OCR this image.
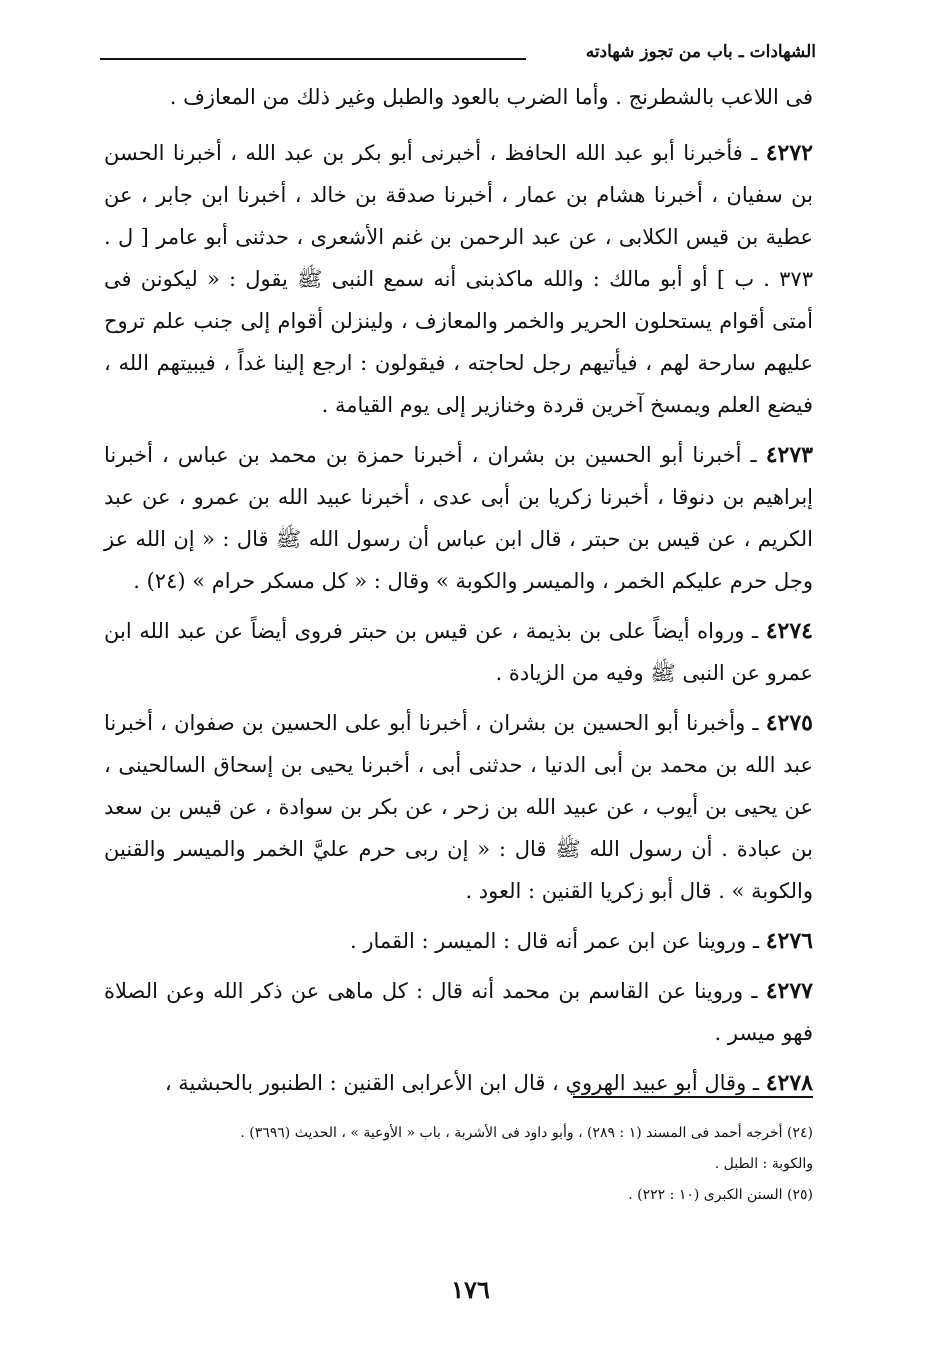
الشهادات ـ باب من تجوز شهادته

فى اللاعب بالشطرنج . وأما الضرب بالعود والطبل وغير ذلك من المعازف .

٤٢٧٢ ـ فأخبرنا أبو عبد الله الحافظ ، أخبرنى أبو بكر بن عبد الله ، أخبرنا الحسن بن سفيان ، أخبرنا هشام بن عمار ، أخبرنا صدقة بن خالد ، أخبرنا ابن جابر ، عن عطية بن قيس الكلابى ، عن عبد الرحمن بن غنم الأشعرى ، حدثنى أبو عامر [ ل . ٣٧٣ . ب ] أو أبو مالك : والله ماكذبنى أنه سمع النبى ﷺ يقول : « ليكونن فى أمتى أقوام يستحلون الحرير والخمر والمعازف ، ولينزلن أقوام إلى جنب علم تروح عليهم سارحة لهم ، فيأتيهم رجل لحاجته ، فيقولون : ارجع إلينا غداً ، فيبيتهم الله ، فيضع العلم ويمسخ آخرين قردة وخنازير إلى يوم القيامة .

٤٢٧٣ ـ أخبرنا أبو الحسين بن بشران ، أخبرنا حمزة بن محمد بن عباس ، أخبرنا إبراهيم بن دنوقا ، أخبرنا زكريا بن أبى عدى ، أخبرنا عبيد الله بن عمرو ، عن عبد الكريم ، عن قيس بن حبتر ، قال ابن عباس أن رسول الله ﷺ قال : « إن الله عز وجل حرم عليكم الخمر ، والميسر والكوبة » وقال : « كل مسكر حرام » (٢٤) .

٤٢٧٤ ـ ورواه أيضاً على بن بذيمة ، عن قيس بن حبتر فروى أيضاً عن عبد الله ابن عمرو عن النبى ﷺ وفيه من الزيادة .

٤٢٧٥ ـ وأخبرنا أبو الحسين بن بشران ، أخبرنا أبو على الحسين بن صفوان ، أخبرنا عبد الله بن محمد بن أبى الدنيا ، حدثنى أبى ، أخبرنا يحيى بن إسحاق السالحينى ، عن يحيى بن أيوب ، عن عبيد الله بن زحر ، عن بكر بن سوادة ، عن قيس بن سعد بن عبادة . أن رسول الله ﷺ قال : « إن ربى حرم عليَّ الخمر والميسر والقنين والكوبة » . قال أبو زكريا القنين : العود .

٤٢٧٦ ـ وروينا عن ابن عمر أنه قال : الميسر : القمار .

٤٢٧٧ ـ وروينا عن القاسم بن محمد أنه قال : كل ماهى عن ذكر الله وعن الصلاة فهو ميسر .

٤٢٧٨ ـ وقال أبو عبيد الهروي ، قال ابن الأعرابى القنين : الطنبور بالحبشية ،

(٢٤) أخرجه أحمد فى المسند (١ : ٢٨٩) ، وأبو داود فى الأشربة ، باب « الأوعية » ، الحديث (٣٦٩٦) .
والكوبة : الطبل .
(٢٥) السنن الكبرى (١٠ : ٢٢٢) .
١٧٦
